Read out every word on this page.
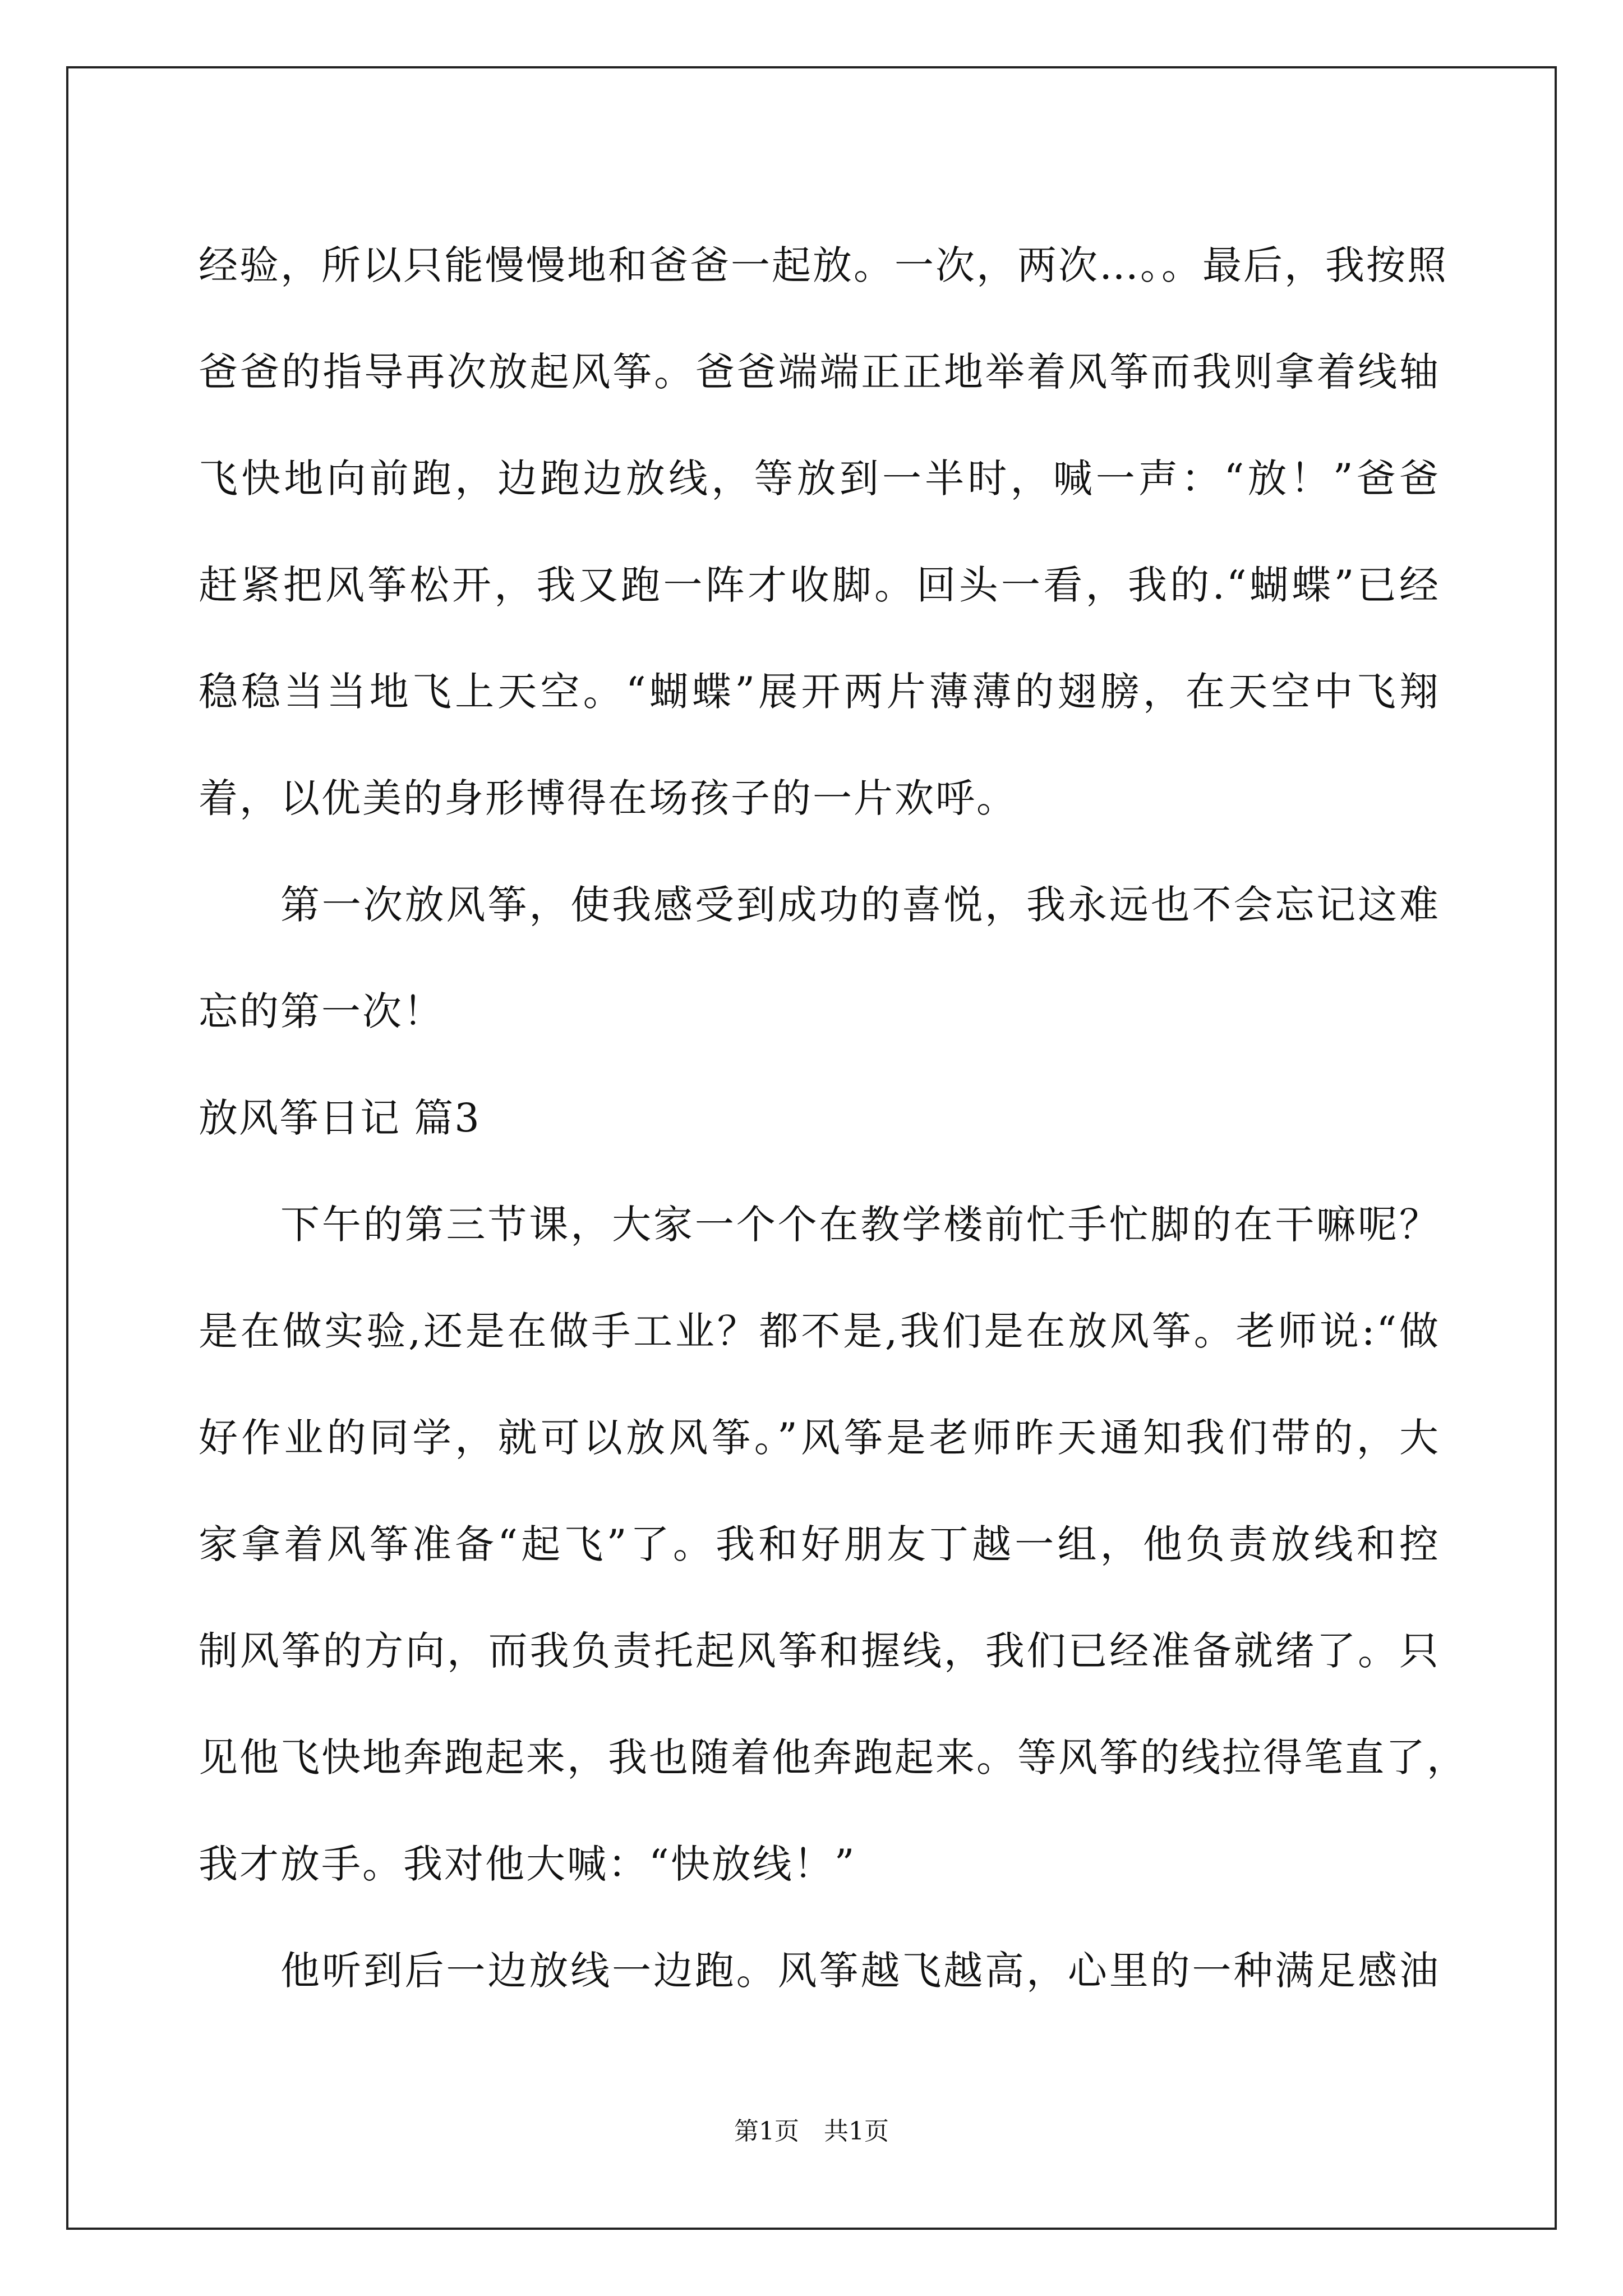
经验，所以只能慢慢地和爸爸一起放。一次，两次…。。最后，我按照
爸爸的指导再次放起风筝。爸爸端端正正地举着风筝而我则拿着线轴
飞快地向前跑，边跑边放线，等放到一半时，喊一声：“放！”爸爸
赶紧把风筝松开，我又跑一阵才收脚。回头一看，我的.“蝴蝶”已经
稳稳当当地飞上天空。“蝴蝶”展开两片薄薄的翅膀，在天空中飞翔
着，以优美的身形博得在场孩子的一片欢呼。
第一次放风筝，使我感受到成功的喜悦，我永远也不会忘记这难
忘的第一次！
放风筝日记 篇3
下午的第三节课，大家一个个在教学楼前忙手忙脚的在干嘛呢？
是在做实验,还是在做手工业？都不是,我们是在放风筝。老师说:“做
好作业的同学，就可以放风筝。”风筝是老师昨天通知我们带的，大
家拿着风筝准备“起飞”了。我和好朋友丁越一组，他负责放线和控
制风筝的方向，而我负责托起风筝和握线，我们已经准备就绪了。只
见他飞快地奔跑起来，我也随着他奔跑起来。等风筝的线拉得笔直了，
我才放手。我对他大喊：“快放线！”
他听到后一边放线一边跑。风筝越飞越高，心里的一种满足感油
第1页 共1页
